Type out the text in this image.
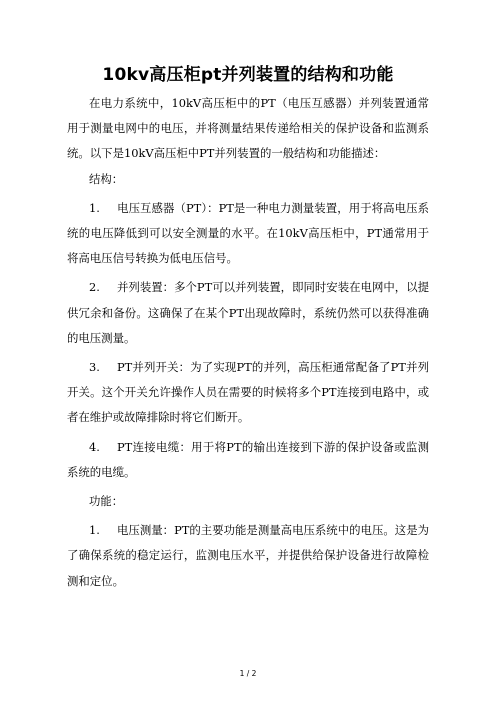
10kv高压柜pt并列装置的结构和功能

在电力系统中，10kV高压柜中的PT（电压互感器）并列装置通常用于测量电网中的电压，并将测量结果传递给相关的保护设备和监测系统。以下是10kV高压柜中PT并列装置的一般结构和功能描述：

结构：

1. 电压互感器（PT）：PT是一种电力测量装置，用于将高电压系统的电压降低到可以安全测量的水平。在10kV高压柜中，PT通常用于将高电压信号转换为低电压信号。

2. 并列装置：多个PT可以并列装置，即同时安装在电网中，以提供冗余和备份。这确保了在某个PT出现故障时，系统仍然可以获得准确的电压测量。

3. PT并列开关：为了实现PT的并列，高压柜通常配备了PT并列开关。这个开关允许操作人员在需要的时候将多个PT连接到电路中，或者在维护或故障排除时将它们断开。

4. PT连接电缆：用于将PT的输出连接到下游的保护设备或监测系统的电缆。

功能：

1. 电压测量：PT的主要功能是测量高电压系统中的电压。这是为了确保系统的稳定运行，监测电压水平，并提供给保护设备进行故障检测和定位。

1 / 2
